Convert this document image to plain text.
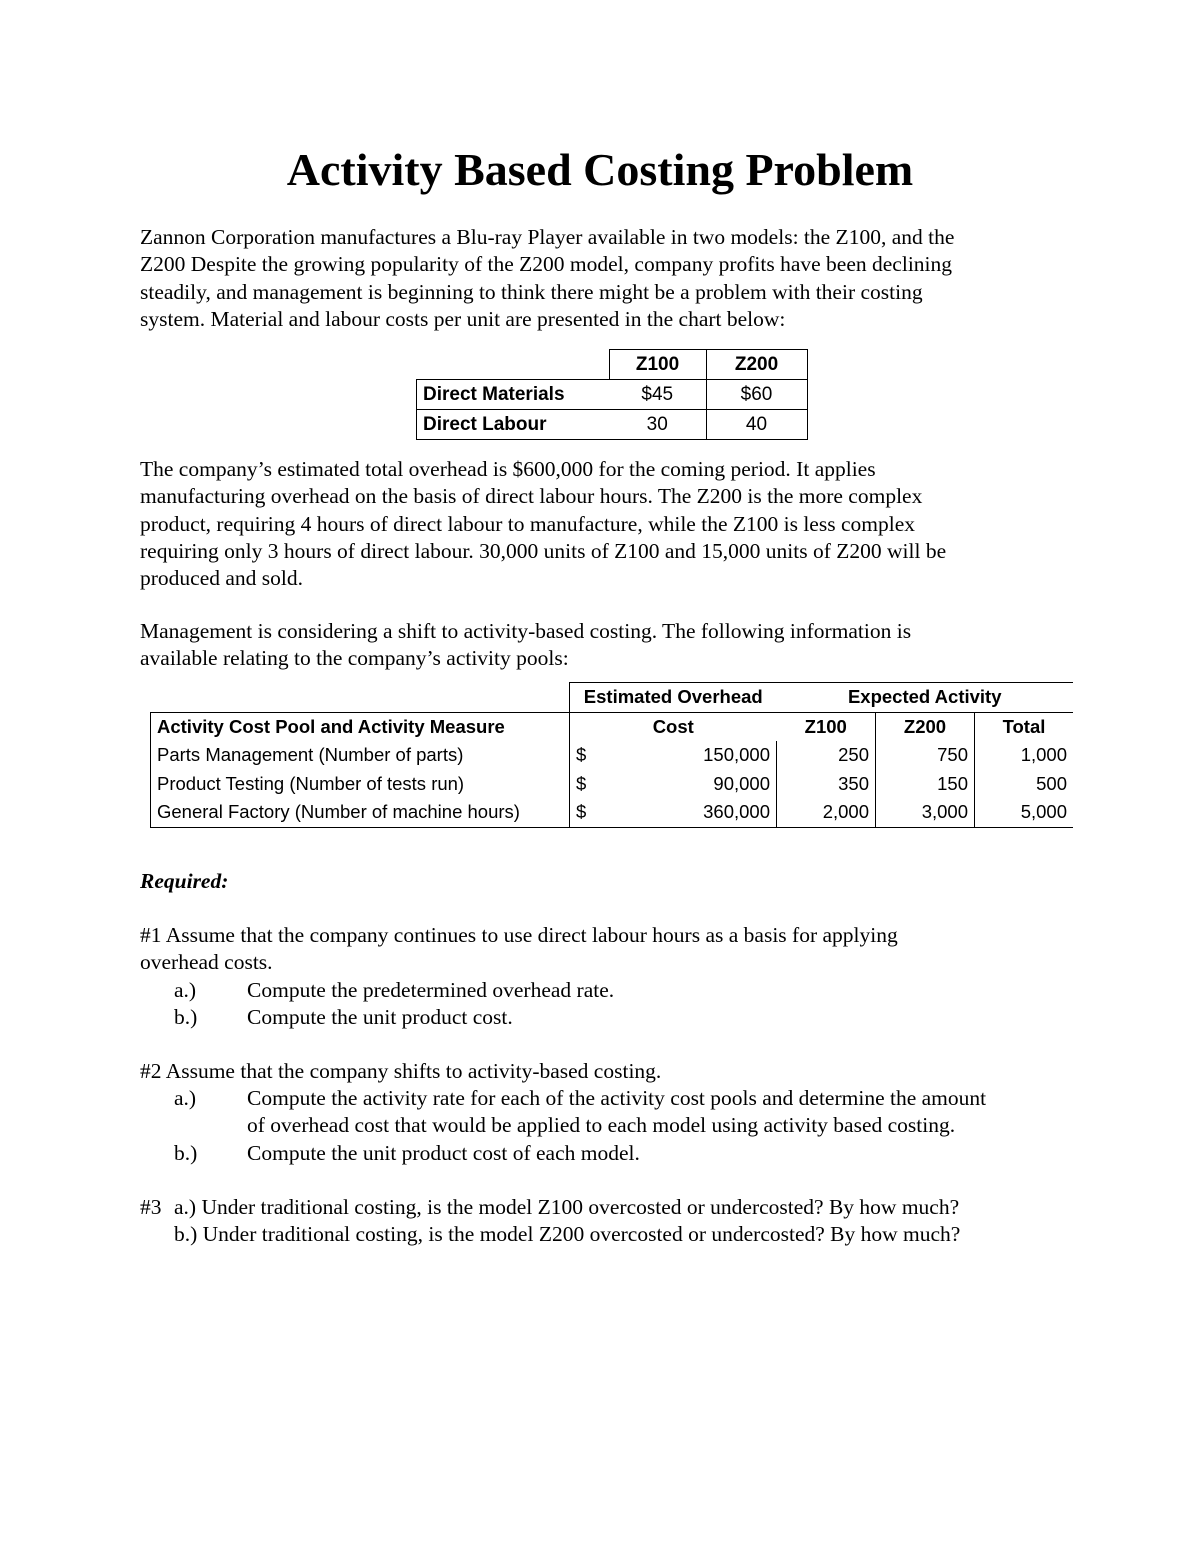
Activity Based Costing Problem

Zannon Corporation manufactures a Blu-ray Player available in two models: the Z100, and the

Z200 Despite the growing popularity of the Z200 model, company profits have been declining

steadily, and management is beginning to think there might be a problem with their costing

system. Material and labour costs per unit are presented in the chart below:

	Z100	Z200
Direct Materials	$45	$60
Direct Labour	30	40

The company’s estimated total overhead is $600,000 for the coming period. It applies

manufacturing overhead on the basis of direct labour hours. The Z200 is the more complex

product, requiring 4 hours of direct labour to manufacture, while the Z100 is less complex

requiring only 3 hours of direct labour. 30,000 units of Z100 and 15,000 units of Z200 will be

produced and sold.

Management is considering a shift to activity-based costing. The following information is

available relating to the company’s activity pools:

	Estimated Overhead		Expected Activity		
Activity Cost Pool and Activity Measure	Cost		Z100	Z200	Total
Parts Management (Number of parts)	$	150,000	250	750	1,000
Product Testing (Number of tests run)	$	90,000	350	150	500
General Factory (Number of machine hours)	$	360,000	2,000	3,000	5,000
Required:
#1 Assume that the company continues to use direct labour hours as a basis for applying
overhead costs.
a.) Compute the predetermined overhead rate.
b.) Compute the unit product cost.
#2 Assume that the company shifts to activity-based costing.
a.) Compute the activity rate for each of the activity cost pools and determine the amount
of overhead cost that would be applied to each model using activity based costing.
b.) Compute the unit product cost of each model.
#3 a.) Under traditional costing, is the model Z100 overcosted or undercosted? By how much?
b.) Under traditional costing, is the model Z200 overcosted or undercosted? By how much?
